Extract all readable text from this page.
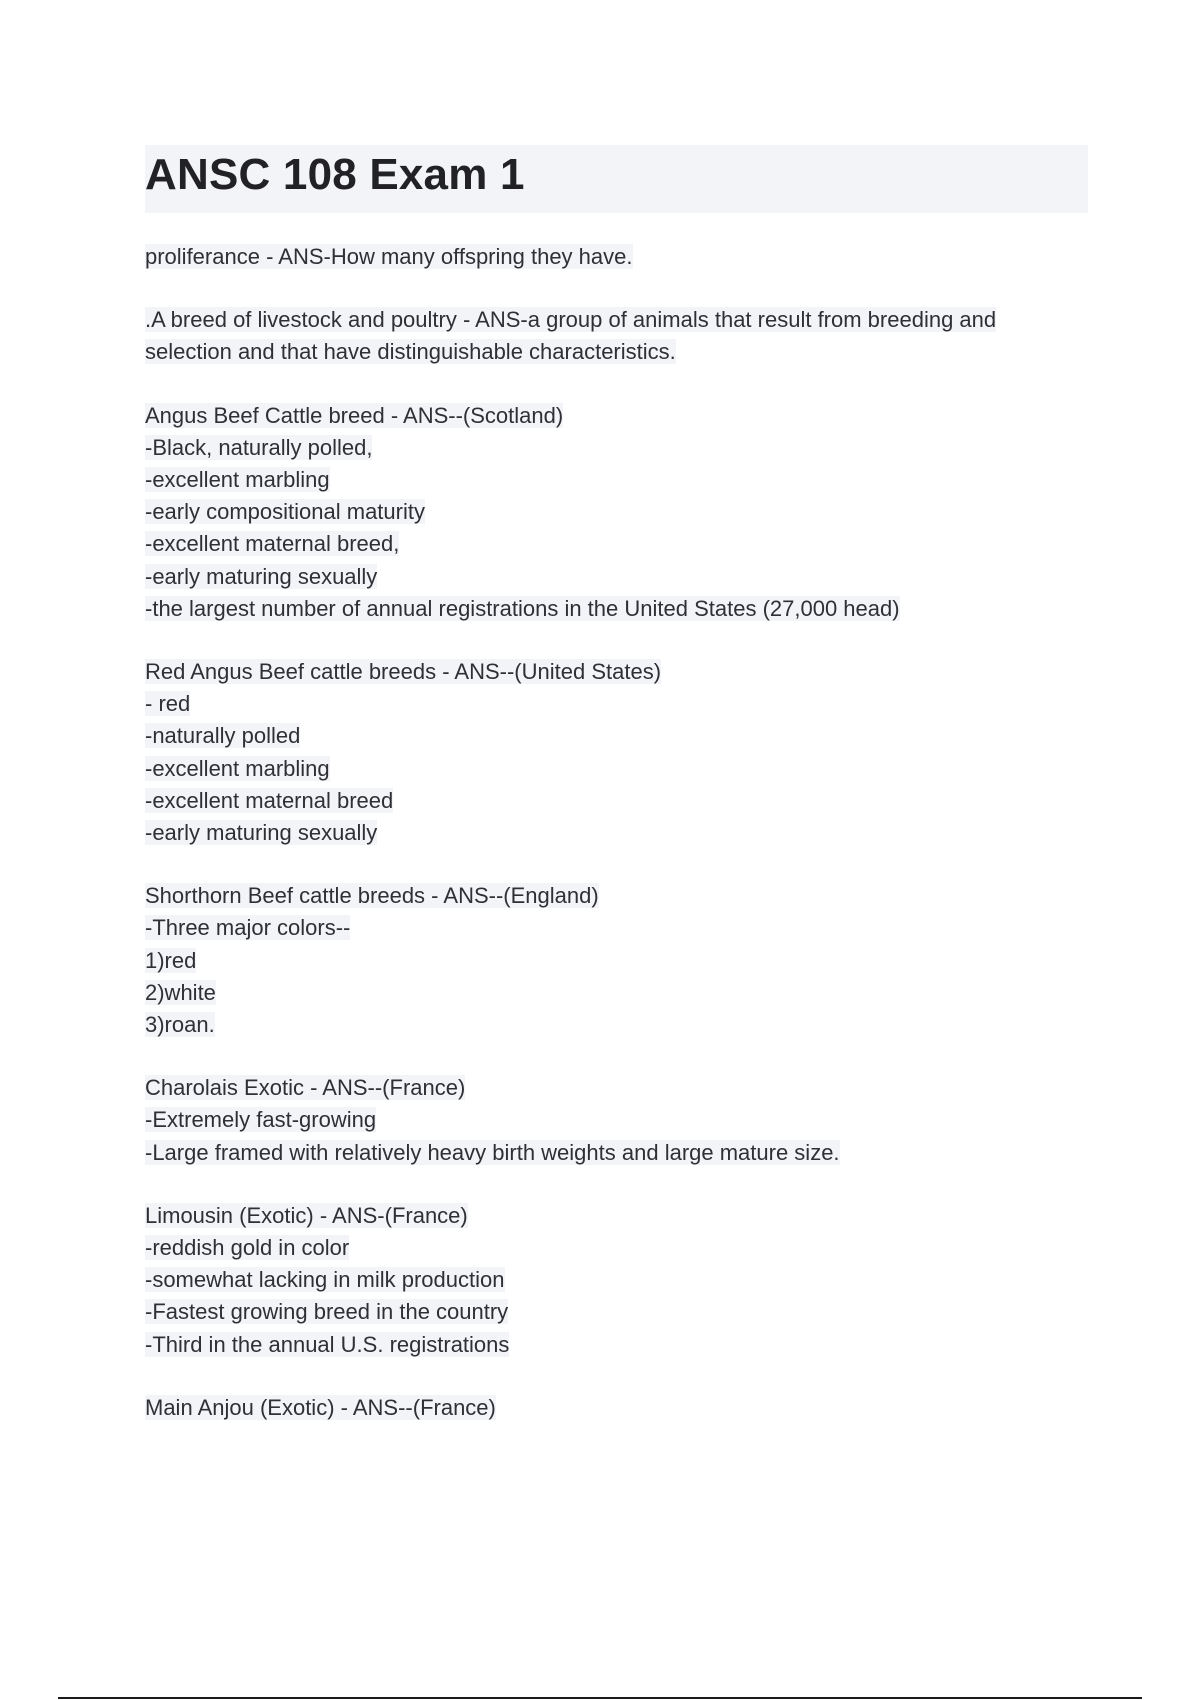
ANSC 108 Exam 1
proliferance - ANS-How many offspring they have.
.A breed of livestock and poultry - ANS-a group of animals that result from breeding and
selection and that have distinguishable characteristics.
Angus Beef Cattle breed - ANS--(Scotland)
-Black, naturally polled,
-excellent marbling
-early compositional maturity
-excellent maternal breed,
-early maturing sexually
-the largest number of annual registrations in the United States (27,000 head)
Red Angus Beef cattle breeds - ANS--(United States)
- red
-naturally polled
-excellent marbling
-excellent maternal breed
-early maturing sexually
Shorthorn Beef cattle breeds - ANS--(England)
-Three major colors--
1)red
2)white
3)roan.
Charolais Exotic - ANS--(France)
-Extremely fast-growing
-Large framed with relatively heavy birth weights and large mature size.
Limousin (Exotic) - ANS-(France)
-reddish gold in color
-somewhat lacking in milk production
-Fastest growing breed in the country
-Third in the annual U.S. registrations
Main Anjou (Exotic) - ANS--(France)
